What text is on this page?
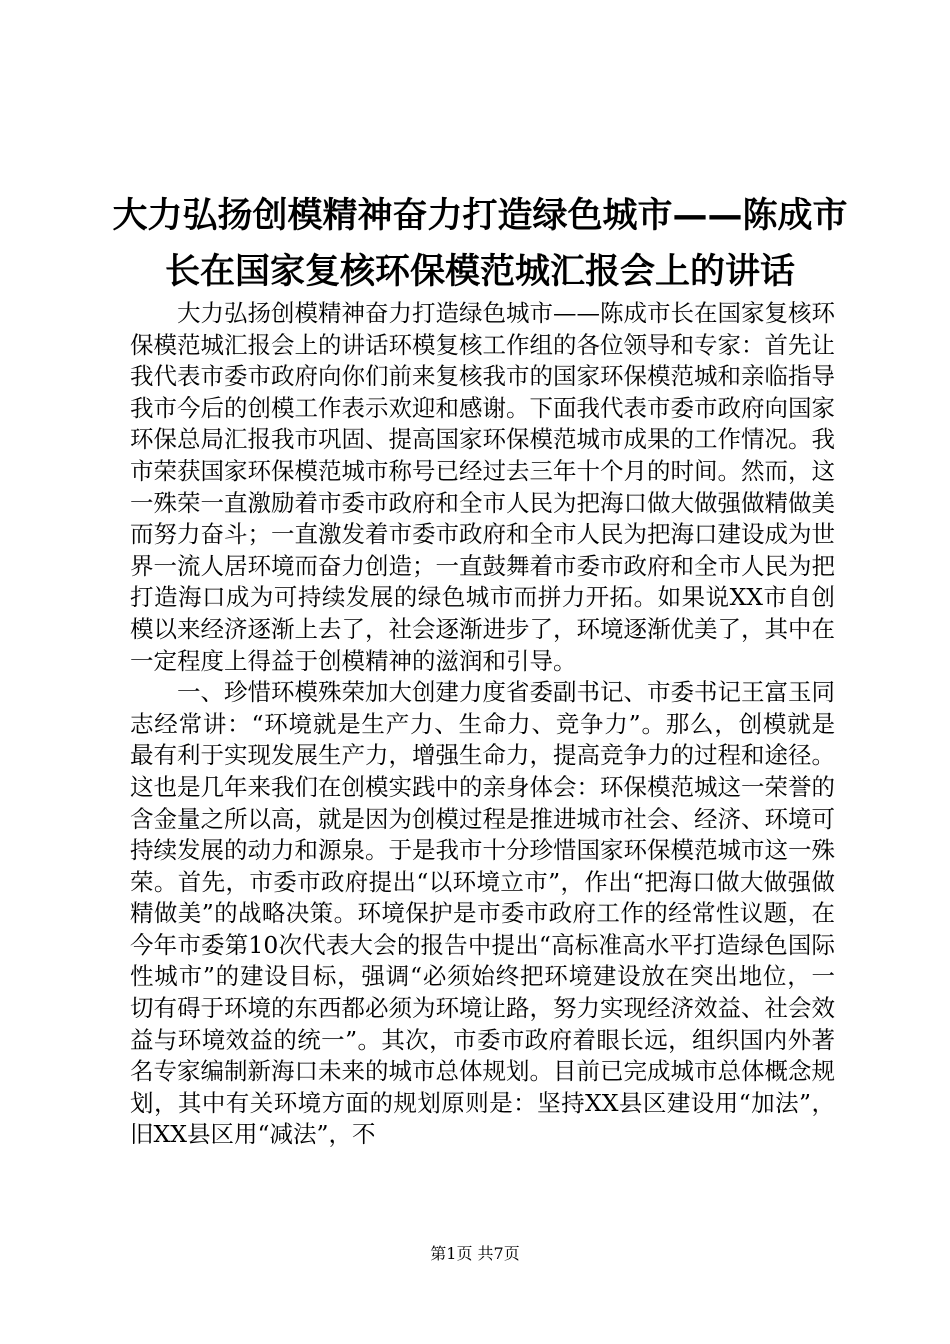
大力弘扬创模精神奋力打造绿色城市——陈成市长在国家复核环保模范城汇报会上的讲话

大力弘扬创模精神奋力打造绿色城市——陈成市长在国家复核环保模范城汇报会上的讲话环模复核工作组的各位领导和专家：首先让我代表市委市政府向你们前来复核我市的国家环保模范城和亲临指导我市今后的创模工作表示欢迎和感谢。下面我代表市委市政府向国家环保总局汇报我市巩固、提高国家环保模范城市成果的工作情况。我市荣获国家环保模范城市称号已经过去三年十个月的时间。然而，这一殊荣一直激励着市委市政府和全市人民为把海口做大做强做精做美而努力奋斗；一直激发着市委市政府和全市人民为把海口建设成为世界一流人居环境而奋力创造；一直鼓舞着市委市政府和全市人民为把打造海口成为可持续发展的绿色城市而拼力开拓。如果说XX市自创模以来经济逐渐上去了，社会逐渐进步了，环境逐渐优美了，其中在一定程度上得益于创模精神的滋润和引导。

一、珍惜环模殊荣加大创建力度省委副书记、市委书记王富玉同志经常讲：“环境就是生产力、生命力、竞争力”。那么，创模就是最有利于实现发展生产力，增强生命力，提高竞争力的过程和途径。这也是几年来我们在创模实践中的亲身体会：环保模范城这一荣誉的含金量之所以高，就是因为创模过程是推进城市社会、经济、环境可持续发展的动力和源泉。于是我市十分珍惜国家环保模范城市这一殊荣。首先，市委市政府提出“以环境立市”，作出“把海口做大做强做精做美”的战略决策。环境保护是市委市政府工作的经常性议题，在今年市委第10次代表大会的报告中提出“高标准高水平打造绿色国际性城市”的建设目标，强调“必须始终把环境建设放在突出地位，一切有碍于环境的东西都必须为环境让路，努力实现经济效益、社会效益与环境效益的统一”。其次，市委市政府着眼长远，组织国内外著名专家编制新海口未来的城市总体规划。目前已完成城市总体概念规划，其中有关环境方面的规划原则是：坚持XX县区建设用“加法”，旧XX县区用“减法”，不

第1页 共7页
